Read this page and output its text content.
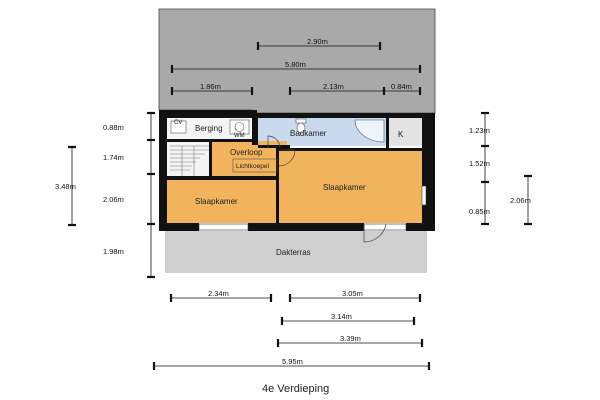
Berging
CV
WM	Badkamer	K
Overloop
Lichtkoepel
Slaapkamer
Slaapkamer
Dakterras
2.90m
5.80m
1.86m	2.13m	0.84m
0.88m
1.74m
3.48m
2.06m
1.98m
1.23m
1.52m
0.85m
2.06m
2.34m	3.05m
3.14m
3.39m
5.95m
4e Verdieping
